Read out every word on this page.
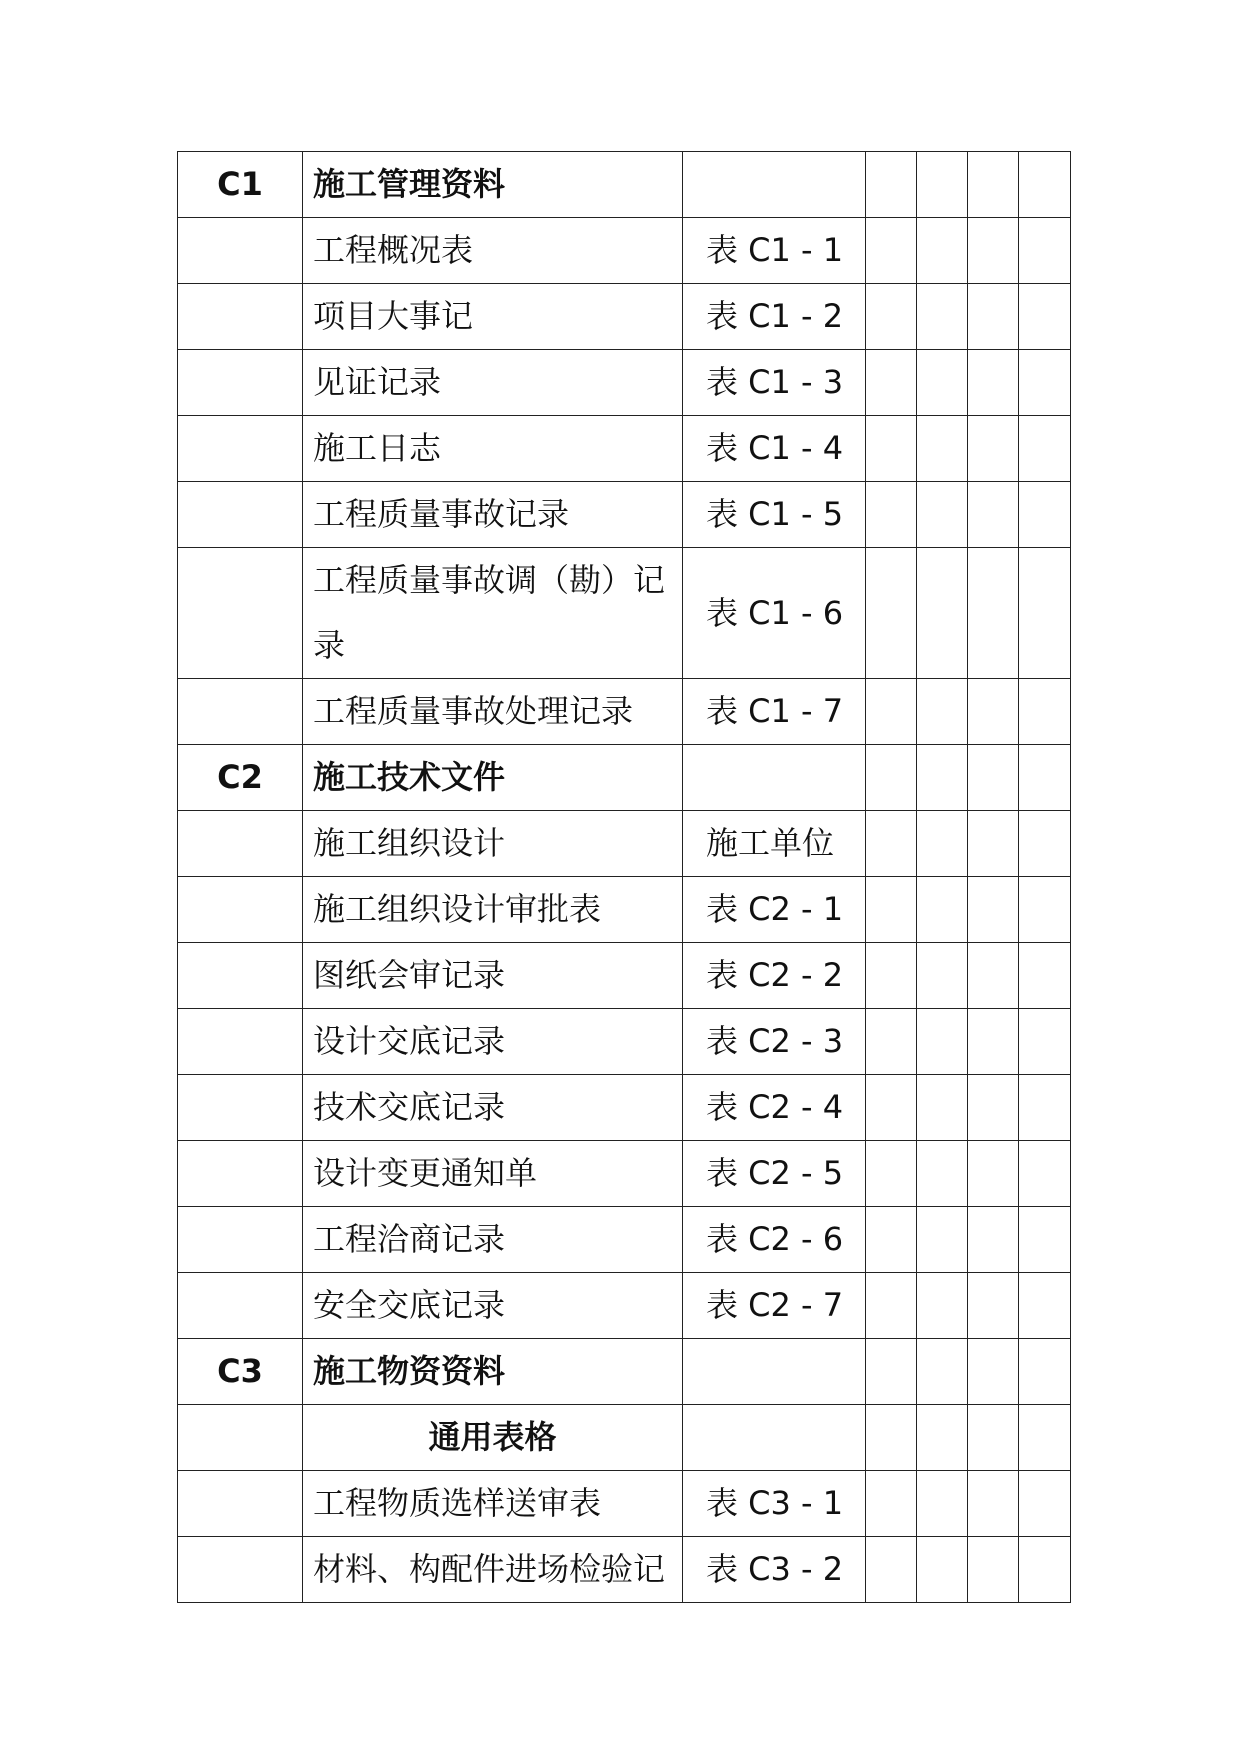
C1	施工管理资料					
	工程概况表	表 C1 - 1				
	项目大事记	表 C1 - 2				
	见证记录	表 C1 - 3				
	施工日志	表 C1 - 4				
	工程质量事故记录	表 C1 - 5				
	工程质量事故调（勘）记录	表 C1 - 6				
	工程质量事故处理记录	表 C1 - 7				
C2	施工技术文件					
	施工组织设计	施工单位				
	施工组织设计审批表	表 C2 - 1				
	图纸会审记录	表 C2 - 2				
	设计交底记录	表 C2 - 3				
	技术交底记录	表 C2 - 4				
	设计变更通知单	表 C2 - 5				
	工程洽商记录	表 C2 - 6				
	安全交底记录	表 C2 - 7				
C3	施工物资资料					
	通用表格					
	工程物质选样送审表	表 C3 - 1				
	材料、构配件进场检验记	表 C3 - 2				
